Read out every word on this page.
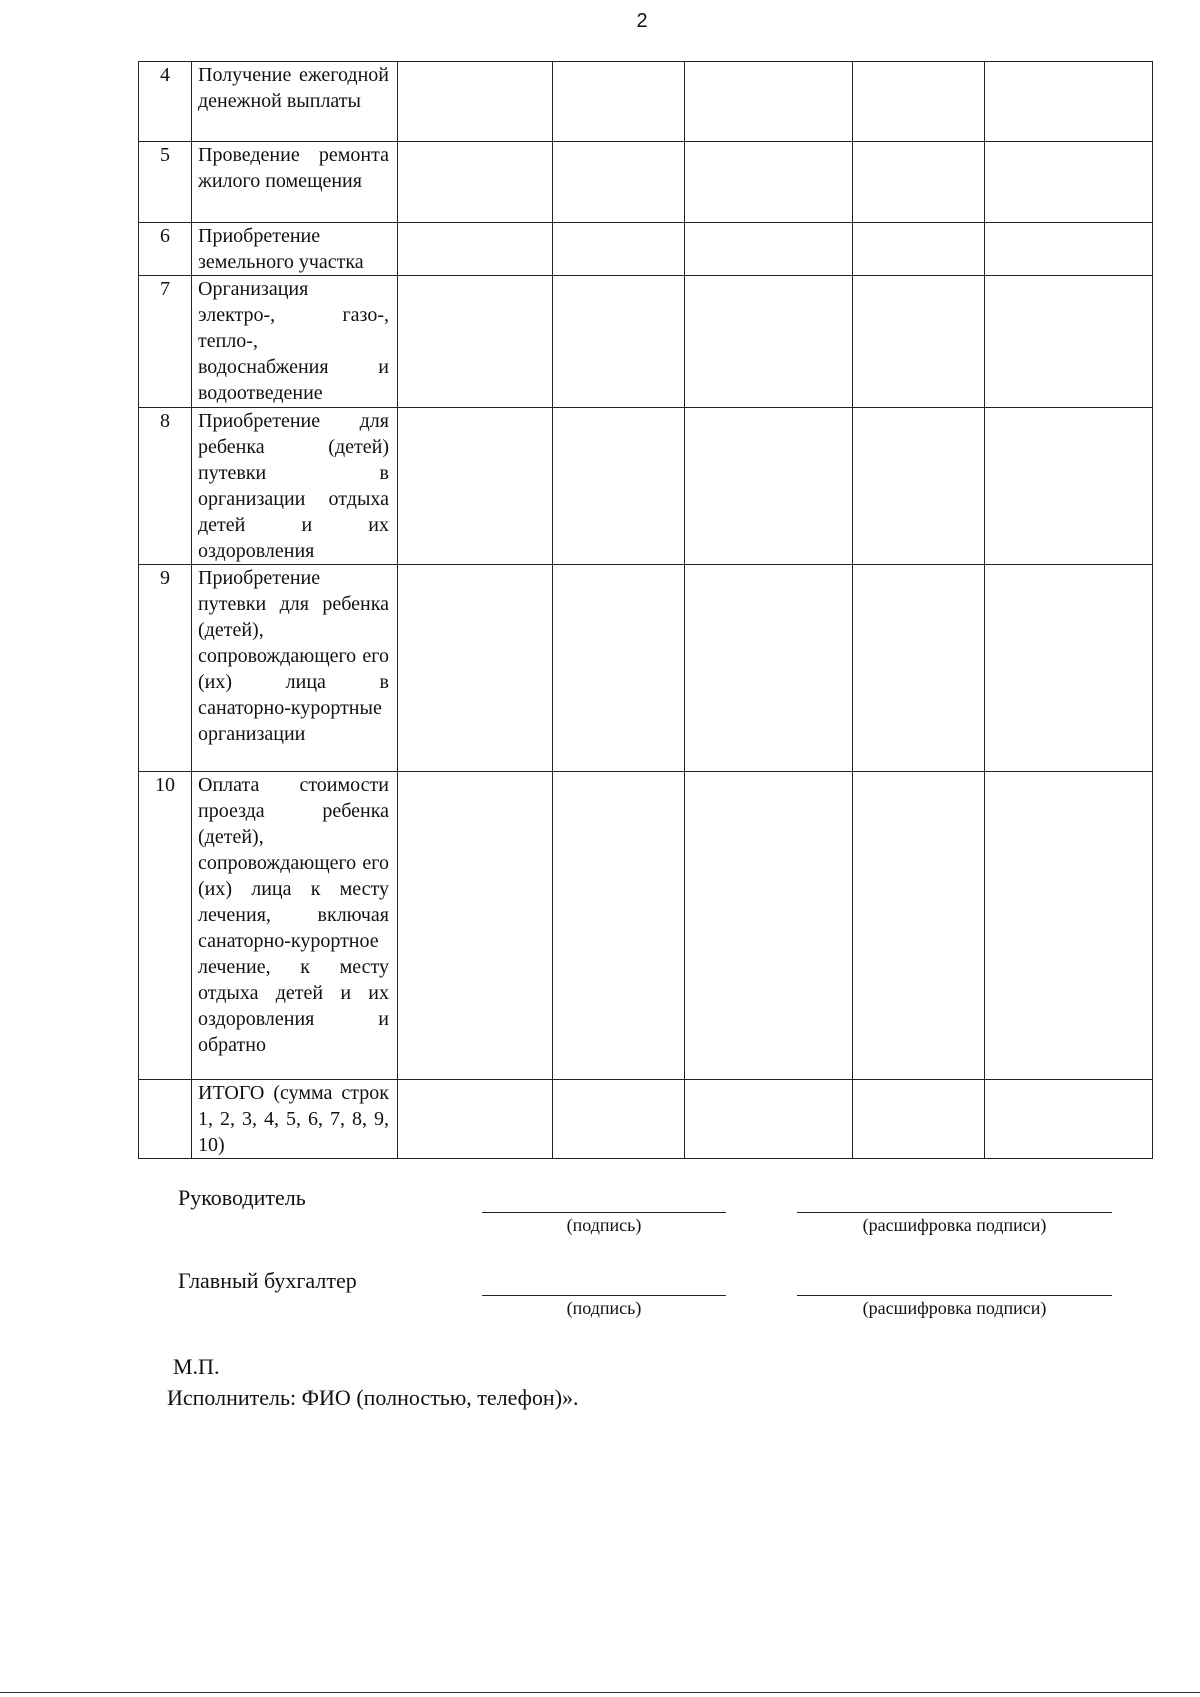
2
4	Получение ежегодной денежной выплаты					
5	Проведение ремонта жилого помещения					
6	Приобретение земельного участка					
7	Организация электро-, газо-, тепло-, водоснабжения и водоотведение					
8	Приобретение для ребенка (детей) путевки в организации отдыха детей и их оздоровления					
9	Приобретение путевки для ребенка (детей), сопровождающего его (их) лица в санаторно-курортные организации					
10	Оплата стоимости проезда ребенка (детей), сопровождающего его (их) лица к месту лечения, включая санаторно-курортное лечение, к месту отдыха детей и их оздоровления и обратно					
	ИТОГО (сумма строк 1, 2, 3, 4, 5, 6, 7, 8, 9, 10)					
Руководитель
(подпись)	(расшифровка подписи)
Главный бухгалтер
(подпись)	(расшифровка подписи)
М.П.
Исполнитель: ФИО (полностью, телефон)».
